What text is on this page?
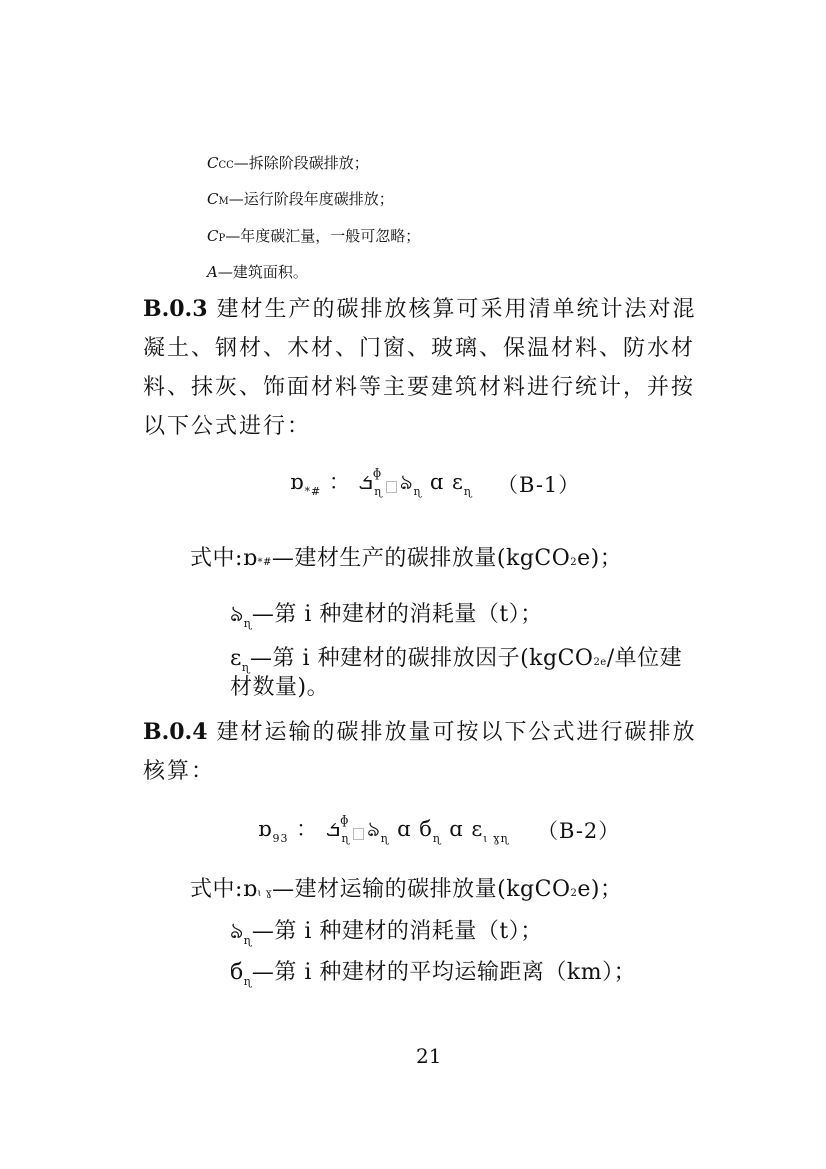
CCC—拆除阶段碳排放；
CM—运行阶段年度碳排放；
CP—年度碳汇量，一般可忽略；
A—建筑面积。
B.0.3 建材生产的碳排放核算可采用清单统计法对混
凝土、钢材、木材、门窗、玻璃、保温材料、防水材
料、抹灰、饰面材料等主要建筑材料进行统计，并按
以下公式进行：
ɒ$_{*\#}$ ： ܭ$^ɸ_ɳ$ ঌ$_ɳ$ ɑ ɛ$_ɳ$ （B-1）
式中:ɒ*#—建材生产的碳排放量(kgCO2e)；
ঌ$_ɳ$—第 i 种建材的消耗量（t）；
ɛ$_ɳ$—第 i 种建材的碳排放因子(kgCO2e/单位建
材数量)。
B.0.4 建材运输的碳排放量可按以下公式进行碳排放
核算：
ɒ$_{93}$ ： ܭ$^ɸ_ɳ$ ঌ$_ɳ$ ɑ $б_ɳ$ ɑ ɛ$_{ɩ ɣɳ}$ （B-2）
式中:ɒɩ ɣ—建材运输的碳排放量(kgCO2e)；
ঌ$_ɳ$—第 i 种建材的消耗量（t）；
$б_ɳ—$第 i 种建材的平均运输距离（km）；
21
